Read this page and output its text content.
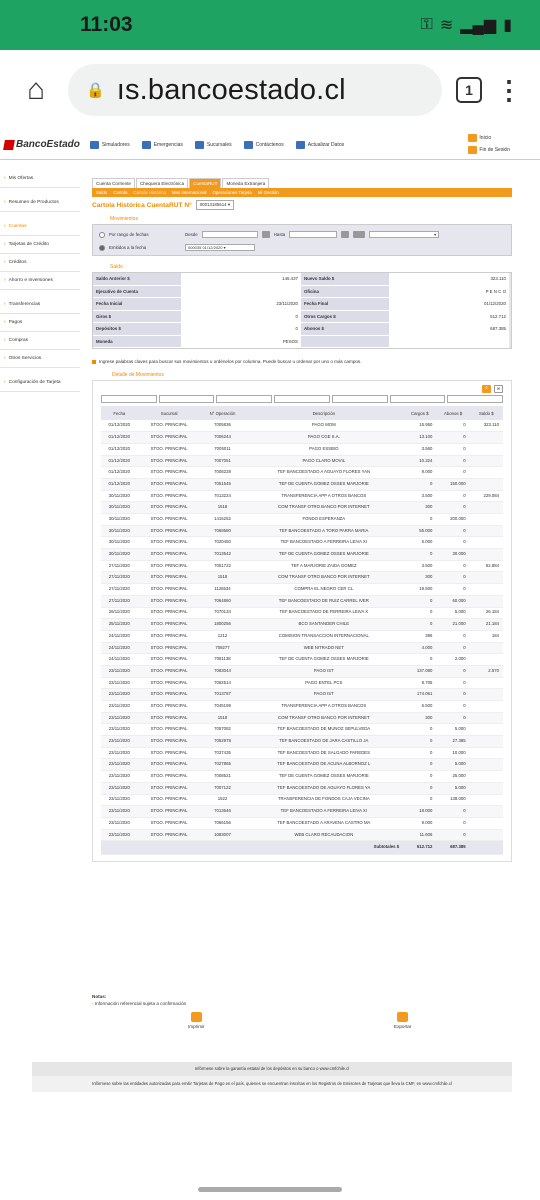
11:03	⚿ ≋ ▂▄▆ ▮
⌂	🔒 ıs.bancoestado.cl	1 ⋮
BancoEstado	Simuladores	Emergencias	Sucursales	Contáctenos	Actualizar Datos
Inicio
Fin de Sesión
› Mis Ofertas
› Resumen de Productos
› Cuentas
› Tarjetas de Crédito
› Créditos
› Ahorro e Inversiones
› Transferencias
› Pagos
› Compras
› Otros Servicios
› Configuración de Tarjeta
Cuenta Corriente	Chequera Electrónica	CuentaRUT	Moneda Extranjera
Saldo Cartola Cartola Histórica Mas Internacional Operaciones Tarjeta Mi Gestión
Cartola Histórica CuentaRUT N°	00013185614 ▾
Movimientos
Por rango de fechas	Desde	Hasta	▾
Emitidos a la fecha	000035 01/12/2020 ▾
Saldo
Saldo Anterior $	146.437	Nuevo Saldo $	323.110
Ejecutivo de Cuenta	Oficina	P E N C O
Fecha Inicial	23/11/2020	Fecha Final	01/12/2020
Giros $	0	Otros Cargos $	512.712
Depósitos $	0	Abonos $	687.385
Moneda	PESOS
Ingrese palabras claves para buscar sus movimientos u ordénelos por columna. Puede buscar u ordenar por uno o más campos.
Detalle de Movimientos
⌕	∞
Fecha	Sucursal	N° Operación	Descripción	Cargos $	Abonos $	Saldo $
01/12/2020	STGO. PRINCIPAL	7005836	PAGO MOM	15.950	0	323.110
01/12/2020	STGO. PRINCIPAL	7006244	PAGO CGE S.A.	13.100	0	
01/12/2020	STGO. PRINCIPAL	7005011	PAGO ESSBIO	3.560	0	
01/12/2020	STGO. PRINCIPAL	7007051	PAGO CLARO MOVIL	10.324	0	
01/12/2020	STGO. PRINCIPAL	7008228	TEF BANCOESTADO A AGUAYO FLORES YAN	9.000	0	
01/12/2020	STGO. PRINCIPAL	7051545	TEF DE CUENTA GOMEZ OSSES MARJORIE	0	150.000	
30/11/2020	STGO. PRINCIPAL	7013224	TRANSFERENCIA APP A OTROS BANCOS	3.500	0	229.084
30/11/2020	STGO. PRINCIPAL	1518	COM TRANSF OTRO BANCO POR INTERNET	300	0	
30/11/2020	STGO. PRINCIPAL	1416252	FONDO ESPERANZA	0	200.000	
30/11/2020	STGO. PRINCIPAL	7068580	TEF BANCOESTADO A TORO PARRA MARIA	55.000	0	
30/11/2020	STGO. PRINCIPAL	7020450	TEF BANCOESTADO A FERREIRA LEIVA XI	5.000	0	
30/11/2020	STGO. PRINCIPAL	7013542	TEF DE CUENTA GOMEZ OSSES MARJORIE	0	30.000	
27/11/2020	STGO. PRINCIPAL	7051722	TEF A MARJORIE ZAIDA GOMEZ	3.500	0	62.884
27/11/2020	STGO. PRINCIPAL	1518	COM TRANSF OTRO BANCO POR INTERNET	300	0	
27/11/2020	STGO. PRINCIPAL	1126534	COMPRA EL NEGRO CER CL	19.500	0	
27/11/2020	STGO. PRINCIPAL	7064860	TEF BANCOESTADO DE RUIZ CARREL IVER	0	60.000	
26/11/2020	STGO. PRINCIPAL	7070134	TEF BANCOESTADO DE FERREIRA LEIVA X	0	5.000	26.184
25/11/2020	STGO. PRINCIPAL	1800256	BCO SANTANDER CHILE	0	21.000	21.184
24/11/2020	STGO. PRINCIPAL	1212	COMISION TRANSACCION INTERNACIONAL	386	0	184
24/11/2020	STGO. PRINCIPAL	709277	WEB NITRADO NET	4.000	0	
24/11/2020	STGO. PRINCIPAL	7081138	TEF DE CUENTA GOMEZ OSSES MARJORIE	0	2.000	
23/11/2020	STGO. PRINCIPAL	7083044	PAGO IST	137.080	0	2.570
23/11/2020	STGO. PRINCIPAL	7062514	PAGO ENTEL PCS	8.705	0	
23/11/2020	STGO. PRINCIPAL	7013787	PAGO IST	174.061	0	
23/11/2020	STGO. PRINCIPAL	7045199	TRANSFERENCIA APP A OTROS BANCOS	6.500	0	
23/11/2020	STGO. PRINCIPAL	1518	COM TRANSF OTRO BANCO POR INTERNET	300	0	
23/11/2020	STGO. PRINCIPAL	7057082	TEF BANCOESTADO DE MUNOZ SEPULVEDA	0	5.000	
23/11/2020	STGO. PRINCIPAL	7052978	TEF BANCOESTADO DE JARA CASTILLO JA	0	27.385	
23/11/2020	STGO. PRINCIPAL	7037435	TEF BANCOESTADO DE SALGADO PAREDES	0	10.000	
23/11/2020	STGO. PRINCIPAL	7027865	TEF BANCOESTADO DE ACUNA ALBORNOZ L	0	5.000	
23/11/2020	STGO. PRINCIPAL	7008521	TEF DE CUENTA GOMEZ OSSES MARJORIE	0	25.000	
23/11/2020	STGO. PRINCIPAL	7007122	TEF BANCOESTADO DE AGUAYO FLORES YA	0	5.000	
23/11/2020	STGO. PRINCIPAL	1522	TRANSFERENCIA DE FONDOS CAJA VECINA	0	138.000	
23/11/2020	STGO. PRINCIPAL	7013646	TEF BANCOESTADO A FERREIRA LEIVA XI	18.000	0	
23/11/2020	STGO. PRINCIPAL	7066156	TEF BANCOESTADO A ARAVENA CASTRO MA	9.000	0	
23/11/2020	STGO. PRINCIPAL	1083007	WEB CLARO RECAUDACION	11.606	0	
Subtotales $				512.712	687.385	
Notas:
› Información referencial sujeta a confirmación
Imprimir	Exportar
Infórmese sobre la garantía estatal de los depósitos en su banco o www.cmfchile.cl
Infórmese sobre las entidades autorizadas para emitir Tarjetas de Pago en el país, quienes se encuentran inscritas en los Registros de Emisores de Tarjetas que lleva la CMF, en www.cmfchile.cl
